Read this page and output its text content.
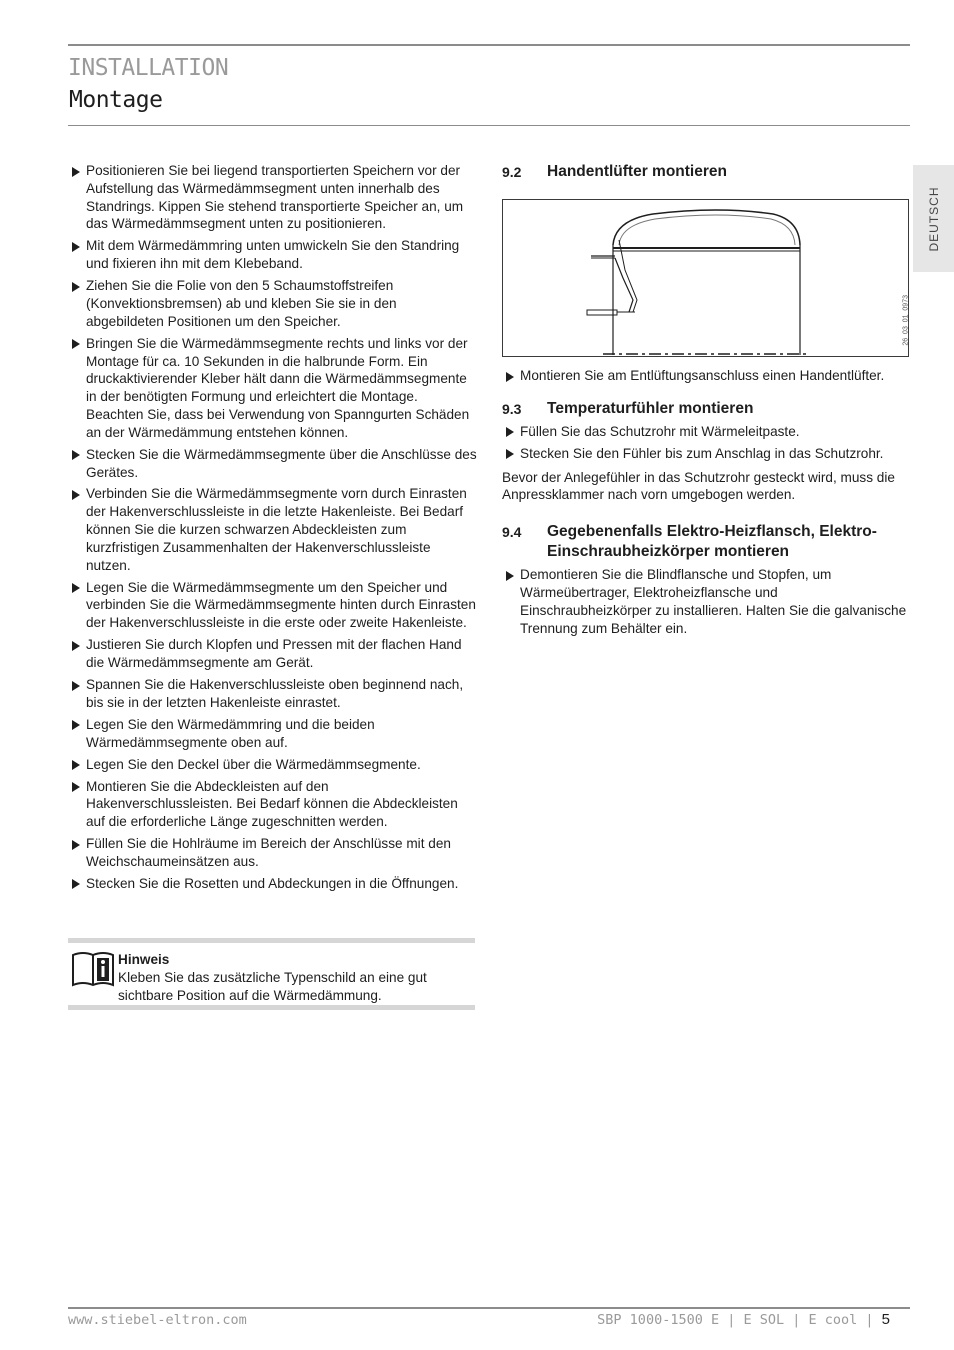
INSTALLATION
Montage
DEUTSCH
Positionieren Sie bei liegend transportierten Speichern vor der Aufstellung das Wärmedämmsegment unten innerhalb des Standrings. Kippen Sie stehend transportierte Speicher an, um das Wärmedämmsegment unten zu positionieren.
Mit dem Wärmedämmring unten umwickeln Sie den Standring und fixieren ihn mit dem Klebeband.
Ziehen Sie die Folie von den 5 Schaumstoffstreifen (Konvektionsbremsen) ab und kleben Sie sie in den abgebildeten Positionen um den Speicher.
Bringen Sie die Wärmedämmsegmente rechts und links vor der Montage für ca. 10 Sekunden in die halbrunde Form. Ein druckaktivierender Kleber hält dann die Wärmedämmsegmente in der benötigten Formung und erleichtert die Montage.
Beachten Sie, dass bei Verwendung von Spanngurten Schäden an der Wärmedämmung entstehen können.
Stecken Sie die Wärmedämmsegmente über die Anschlüsse des Gerätes.
Verbinden Sie die Wärmedämmsegmente vorn durch Einrasten der Hakenverschlussleiste in die letzte Hakenleiste. Bei Bedarf können Sie die kurzen schwarzen Abdeckleisten zum kurzfristigen Zusammenhalten der Hakenverschlussleiste nutzen.
Legen Sie die Wärmedämmsegmente um den Speicher und verbinden Sie die Wärmedämmsegmente hinten durch Einrasten der Hakenverschlussleiste in die erste oder zweite Hakenleiste.
Justieren Sie durch Klopfen und Pressen mit der flachen Hand die Wärmedämmsegmente am Gerät.
Spannen Sie die Hakenverschlussleiste oben beginnend nach, bis sie in der letzten Hakenleiste einrastet.
Legen Sie den Wärmedämmring und die beiden Wärmedämmsegmente oben auf.
Legen Sie den Deckel über die Wärmedämmsegmente.
Montieren Sie die Abdeckleisten auf den Hakenverschlussleisten. Bei Bedarf können die Abdeckleisten auf die erforderliche Länge zugeschnitten werden.
Füllen Sie die Hohlräume im Bereich der Anschlüsse mit den Weichschaumeinsätzen aus.
Stecken Sie die Rosetten und Abdeckungen in die Öffnungen.
Hinweis
Kleben Sie das zusätzliche Typenschild an eine gut sichtbare Position auf die Wärmedämmung.
9.2	Handentlüfter montieren
26_03_01_0973
Montieren Sie am Entlüftungsanschluss einen Handentlüfter.
9.3	Temperaturfühler montieren
Füllen Sie das Schutzrohr mit Wärmeleitpaste.
Stecken Sie den Fühler bis zum Anschlag in das Schutzrohr.
Bevor der Anlegefühler in das Schutzrohr gesteckt wird, muss die Anpressklammer nach vorn umgebogen werden.
9.4	Gegebenenfalls Elektro-Heizflansch, Elektro-Einschraubheizkörper montieren
Demontieren Sie die Blindflansche und Stopfen, um Wärmeübertrager, Elektroheizflansche und Einschraubheizkörper zu installieren. Halten Sie die galvanische Trennung zum Behälter ein.
www.stiebel-eltron.com	SBP 1000-1500 E | E SOL | E cool | 5
